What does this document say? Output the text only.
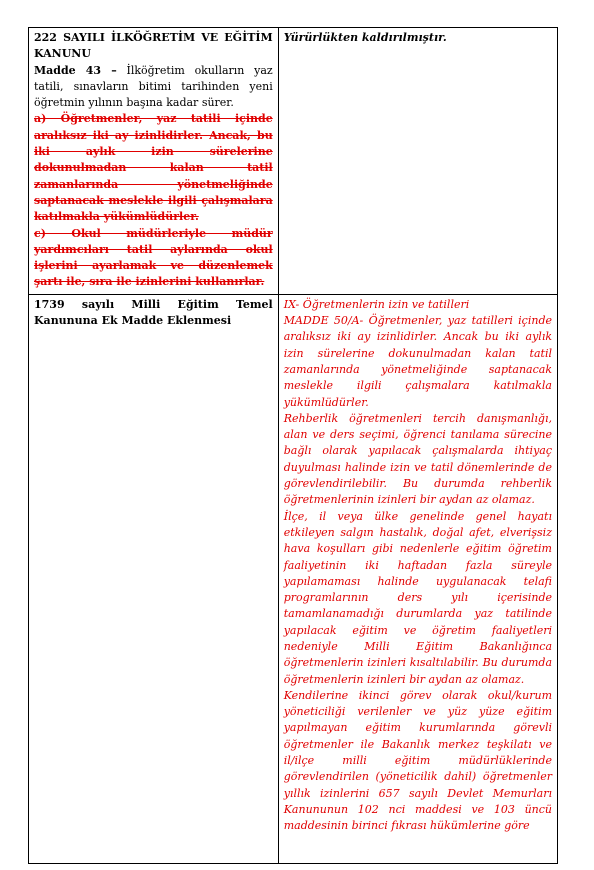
222 SAYILI İLKÖĞRETİM VE EĞİTİM KANUNU

Madde 43 – İlköğretim okulların yaz tatili, sınavların bitimi tarihinden yeni öğretmin yılının başına kadar sürer.

a) Öğretmenler, yaz tatili içinde aralıksız iki ay izinlidirler. Ancak, bu iki aylık izin sürelerine dokunulmadan kalan tatil zamanlarında yönetmeliğinde saptanacak meslekle ilgili çalışmalara katılmakla yükümlüdürler.

c) Okul müdürleriyle müdür yardımcıları tatil aylarında okul işlerini ayarlamak ve düzenlemek şartı ile, sıra ile izinlerini kullanırlar.	Yürürlükten kaldırılmıştır.

1739 sayılı Milli Eğitim Temel Kanununa Ek Madde Eklenmesi	IX- Öğretmenlerin izin ve tatilleri

MADDE 50/A- Öğretmenler, yaz tatilleri içinde aralıksız iki ay izinlidirler. Ancak bu iki aylık izin sürelerine dokunulmadan kalan tatil zamanlarında yönetmeliğinde saptanacak meslekle ilgili çalışmalara katılmakla yükümlüdürler.

Rehberlik öğretmenleri tercih danışmanlığı, alan ve ders seçimi, öğrenci tanılama sürecine bağlı olarak yapılacak çalışmalarda ihtiyaç duyulması halinde izin ve tatil dönemlerinde de görevlendirilebilir. Bu durumda rehberlik öğretmenlerinin izinleri bir aydan az olamaz.

İlçe, il veya ülke genelinde genel hayatı etkileyen salgın hastalık, doğal afet, elverişsiz hava koşulları gibi nedenlerle eğitim öğretim faaliyetinin iki haftadan fazla süreyle yapılamaması halinde uygulanacak telafi programlarının ders yılı içerisinde tamamlanamadığı durumlarda yaz tatilinde yapılacak eğitim ve öğretim faaliyetleri nedeniyle Milli Eğitim Bakanlığınca öğretmenlerin izinleri kısaltılabilir. Bu durumda öğretmenlerin izinleri bir aydan az olamaz.

Kendilerine ikinci görev olarak okul/kurum yöneticiliği verilenler ve yüz yüze eğitim yapılmayan eğitim kurumlarında görevli öğretmenler ile Bakanlık merkez teşkilatı ve il/ilçe milli eğitim müdürlüklerinde görevlendirilen (yöneticilik dahil) öğretmenler yıllık izinlerini 657 sayılı Devlet Memurları Kanununun 102 nci maddesi ve 103 üncü maddesinin birinci fıkrası hükümlerine göre
